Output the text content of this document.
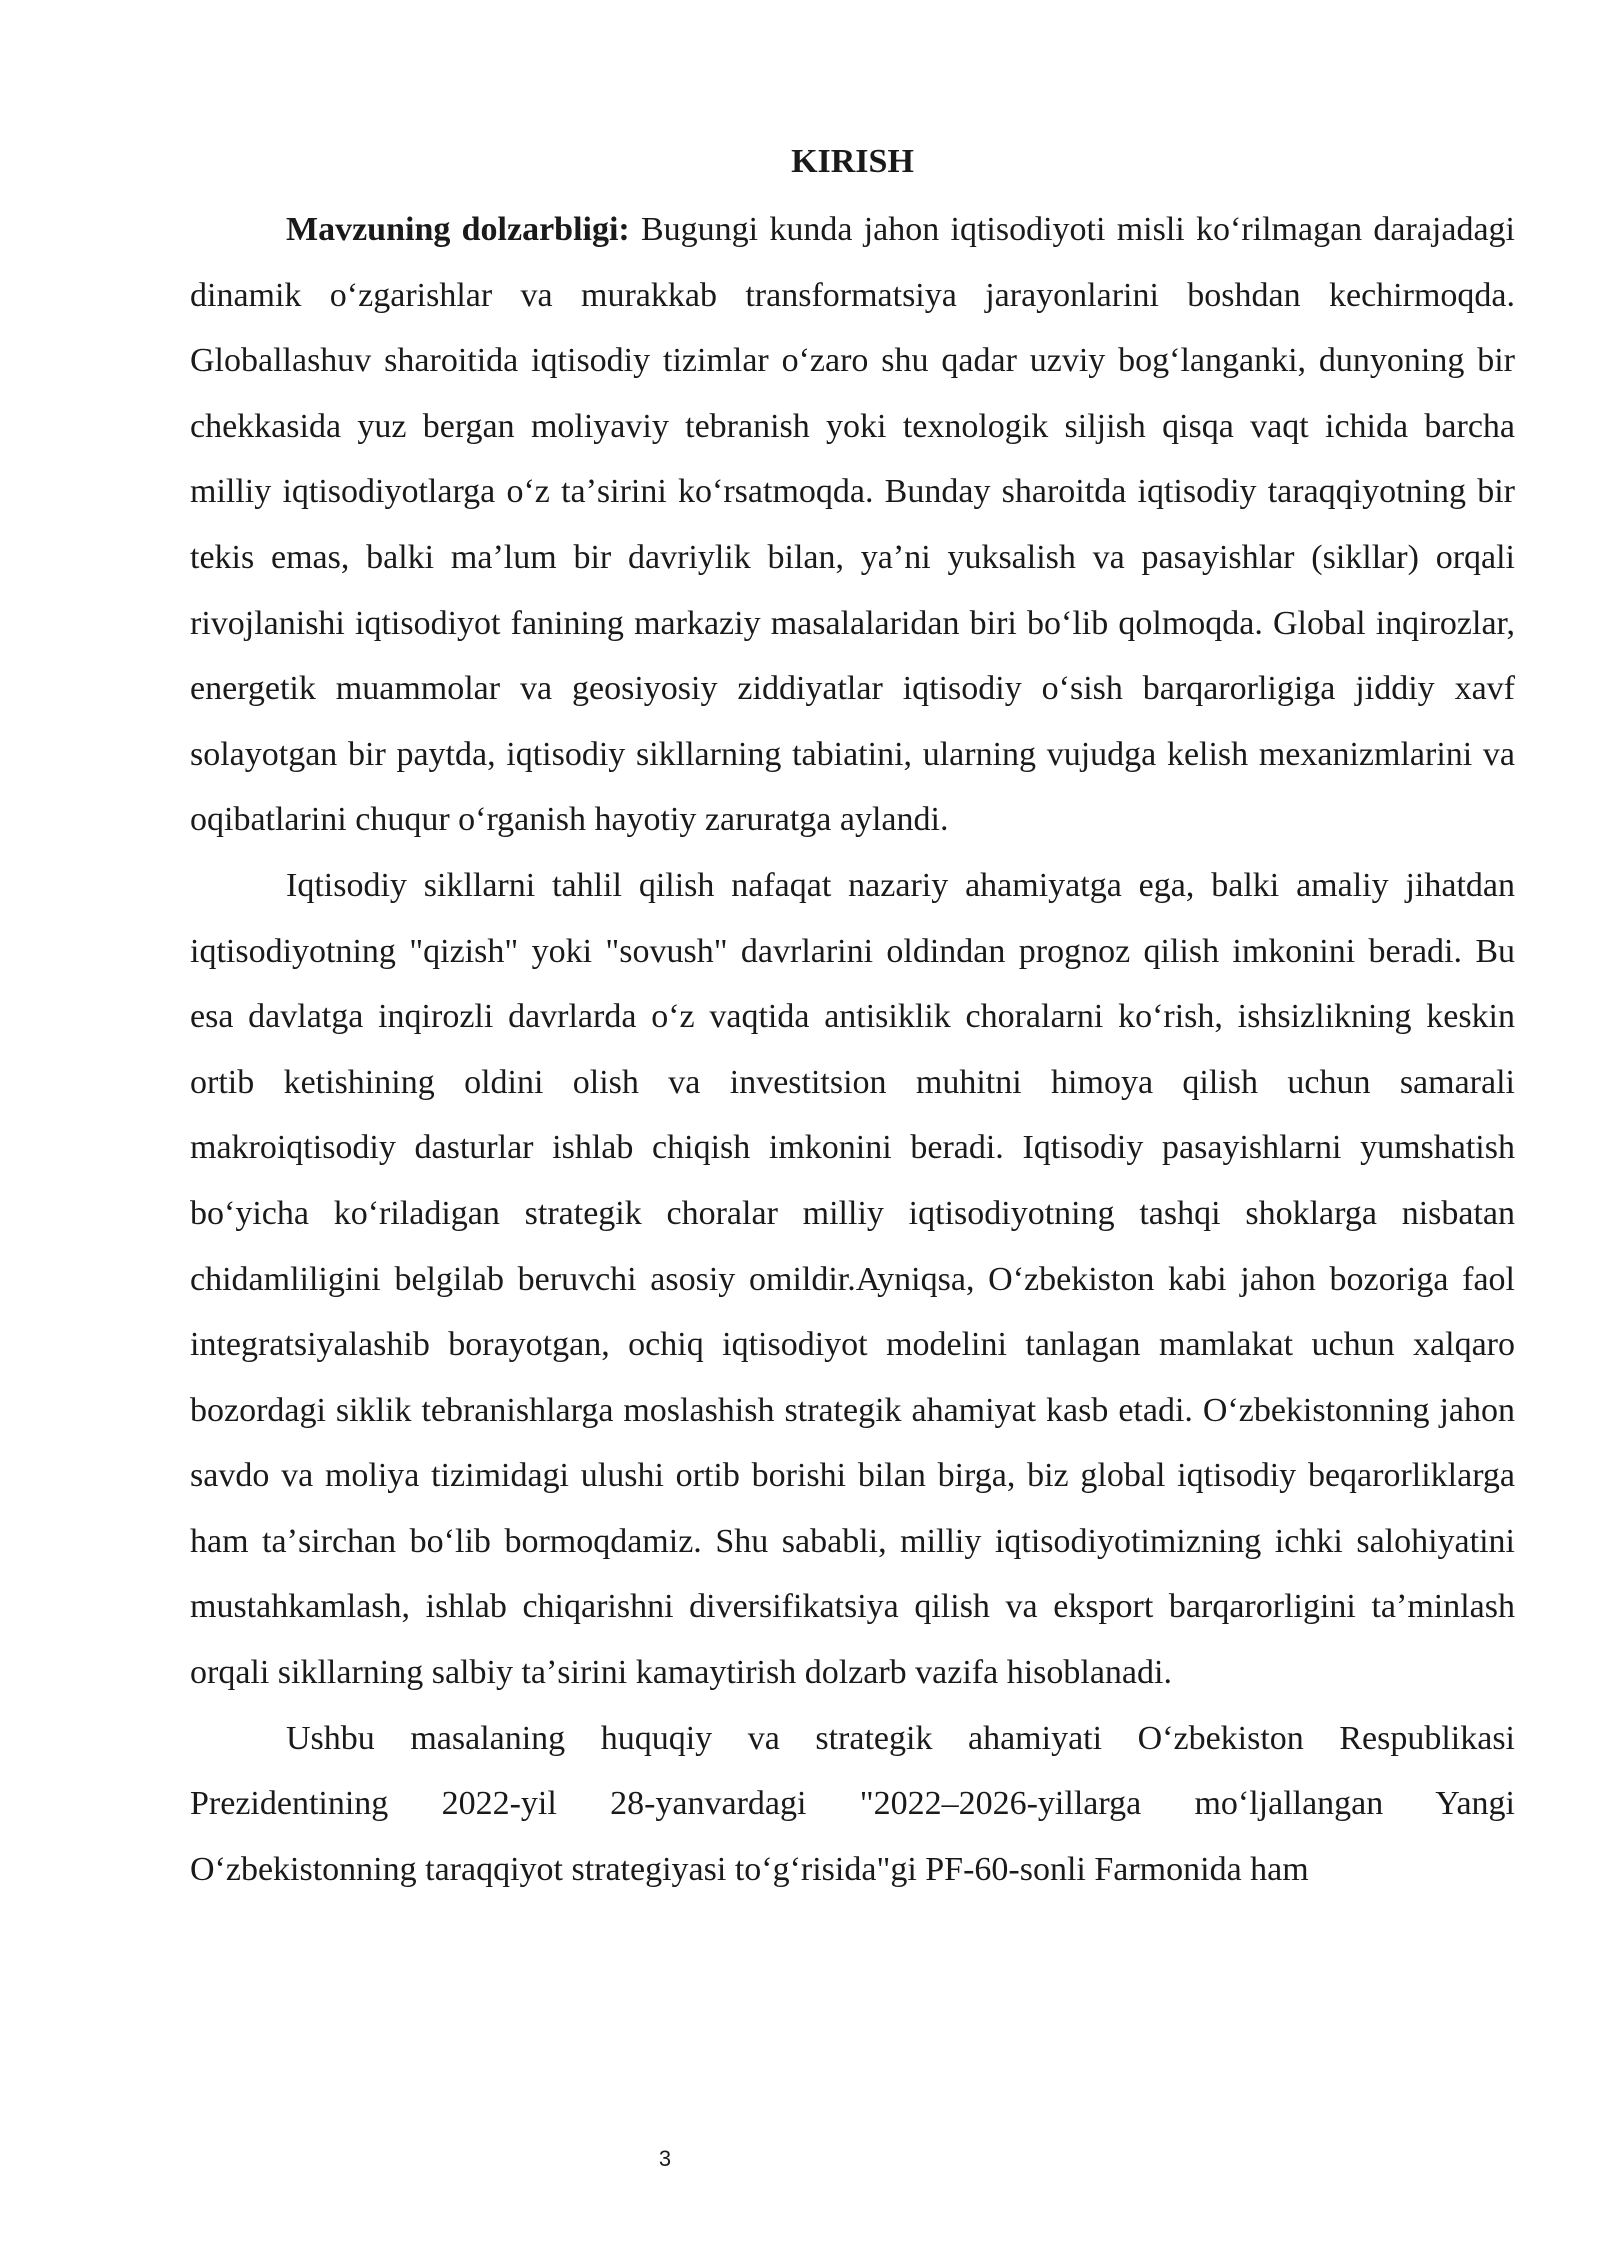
KIRISH

Mavzuning dolzarbligi: Bugungi kunda jahon iqtisodiyoti misli koʻrilmagan darajadagi dinamik oʻzgarishlar va murakkab transformatsiya jarayonlarini boshdan kechirmoqda. Globallashuv sharoitida iqtisodiy tizimlar oʻzaro shu qadar uzviy bogʻlanganki, dunyoning bir chekkasida yuz bergan moliyaviy tebranish yoki texnologik siljish qisqa vaqt ichida barcha milliy iqtisodiyotlarga oʻz taʼsirini koʻrsatmoqda. Bunday sharoitda iqtisodiy taraqqiyotning bir tekis emas, balki maʼlum bir davriylik bilan, yaʼni yuksalish va pasayishlar (sikllar) orqali rivojlanishi iqtisodiyot fanining markaziy masalalaridan biri boʻlib qolmoqda. Global inqirozlar, energetik muammolar va geosiyosiy ziddiyatlar iqtisodiy oʻsish barqarorligiga jiddiy xavf solayotgan bir paytda, iqtisodiy sikllarning tabiatini, ularning vujudga kelish mexanizmlarini va oqibatlarini chuqur oʻrganish hayotiy zaruratga aylandi.

Iqtisodiy sikllarni tahlil qilish nafaqat nazariy ahamiyatga ega, balki amaliy jihatdan iqtisodiyotning "qizish" yoki "sovush" davrlarini oldindan prognoz qilish imkonini beradi. Bu esa davlatga inqirozli davrlarda oʻz vaqtida antisiklik choralarni koʻrish, ishsizlikning keskin ortib ketishining oldini olish va investitsion muhitni himoya qilish uchun samarali makroiqtisodiy dasturlar ishlab chiqish imkonini beradi. Iqtisodiy pasayishlarni yumshatish boʻyicha koʻriladigan strategik choralar milliy iqtisodiyotning tashqi shoklarga nisbatan chidamliligini belgilab beruvchi asosiy omildir.Ayniqsa, Oʻzbekiston kabi jahon bozoriga faol integratsiyalashib borayotgan, ochiq iqtisodiyot modelini tanlagan mamlakat uchun xalqaro bozordagi siklik tebranishlarga moslashish strategik ahamiyat kasb etadi. Oʻzbekistonning jahon savdo va moliya tizimidagi ulushi ortib borishi bilan birga, biz global iqtisodiy beqarorliklarga ham taʼsirchan boʻlib bormoqdamiz. Shu sababli, milliy iqtisodiyotimizning ichki salohiyatini mustahkamlash, ishlab chiqarishni diversifikatsiya qilish va eksport barqarorligini taʼminlash orqali sikllarning salbiy taʼsirini kamaytirish dolzarb vazifa hisoblanadi.

Ushbu masalaning huquqiy va strategik ahamiyati Oʻzbekiston Respublikasi Prezidentining 2022-yil 28-yanvardagi "2022–2026-yillarga moʻljallangan Yangi Oʻzbekistonning taraqqiyot strategiyasi toʻgʻrisida"gi PF-60-sonli Farmonida ham

3
